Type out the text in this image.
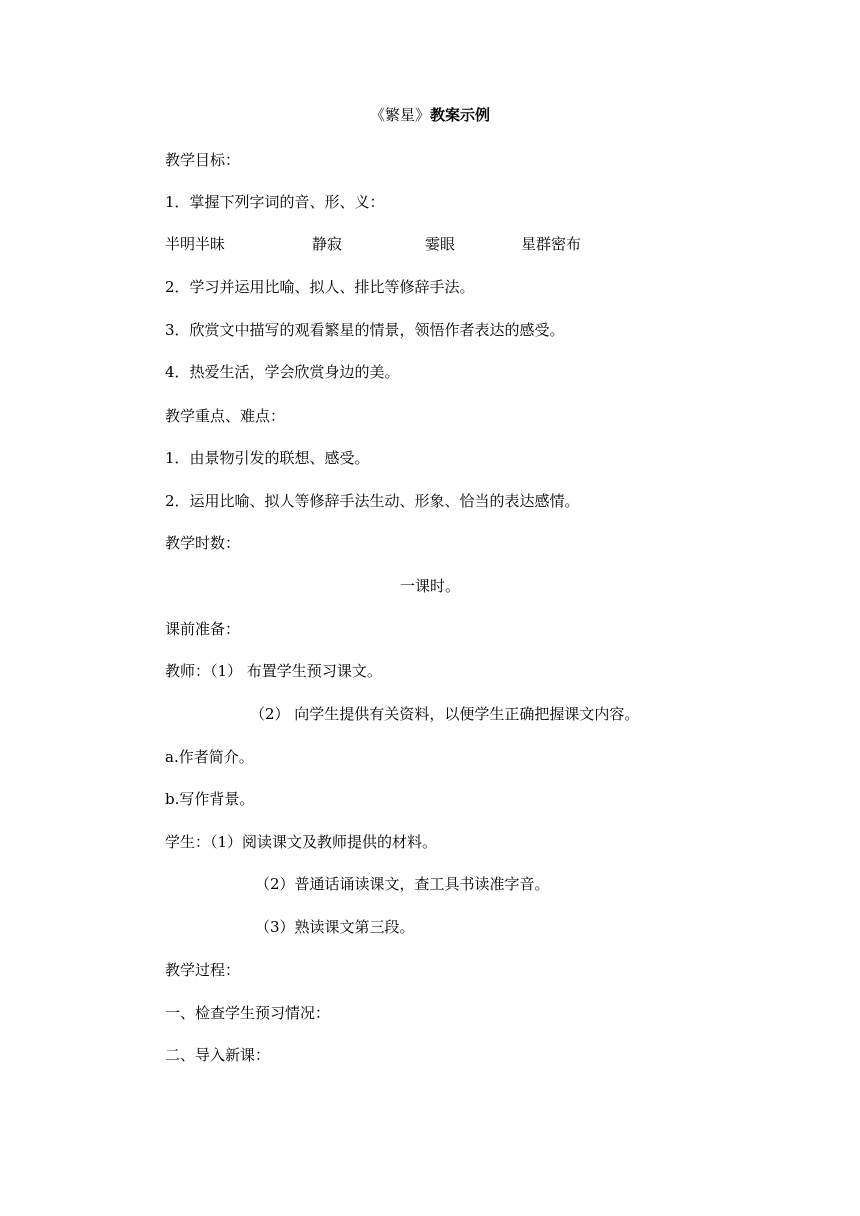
《繁星》教案示例
教学目标：
1．掌握下列字词的音、形、义：
半明半昧	静寂	霎眼	星群密布
2．学习并运用比喻、拟人、排比等修辞手法。
3．欣赏文中描写的观看繁星的情景，领悟作者表达的感受。
4．热爱生活，学会欣赏身边的美。
教学重点、难点：
1．由景物引发的联想、感受。
2．运用比喻、拟人等修辞手法生动、形象、恰当的表达感情。
教学时数：
一课时。
课前准备：
教师：（1） 布置学生预习课文。
（2） 向学生提供有关资料，以便学生正确把握课文内容。
a.作者简介。
b.写作背景。
学生：（1）阅读课文及教师提供的材料。
（2）普通话诵读课文，查工具书读准字音。
（3）熟读课文第三段。
教学过程：
一、检查学生预习情况：
二、导入新课：
